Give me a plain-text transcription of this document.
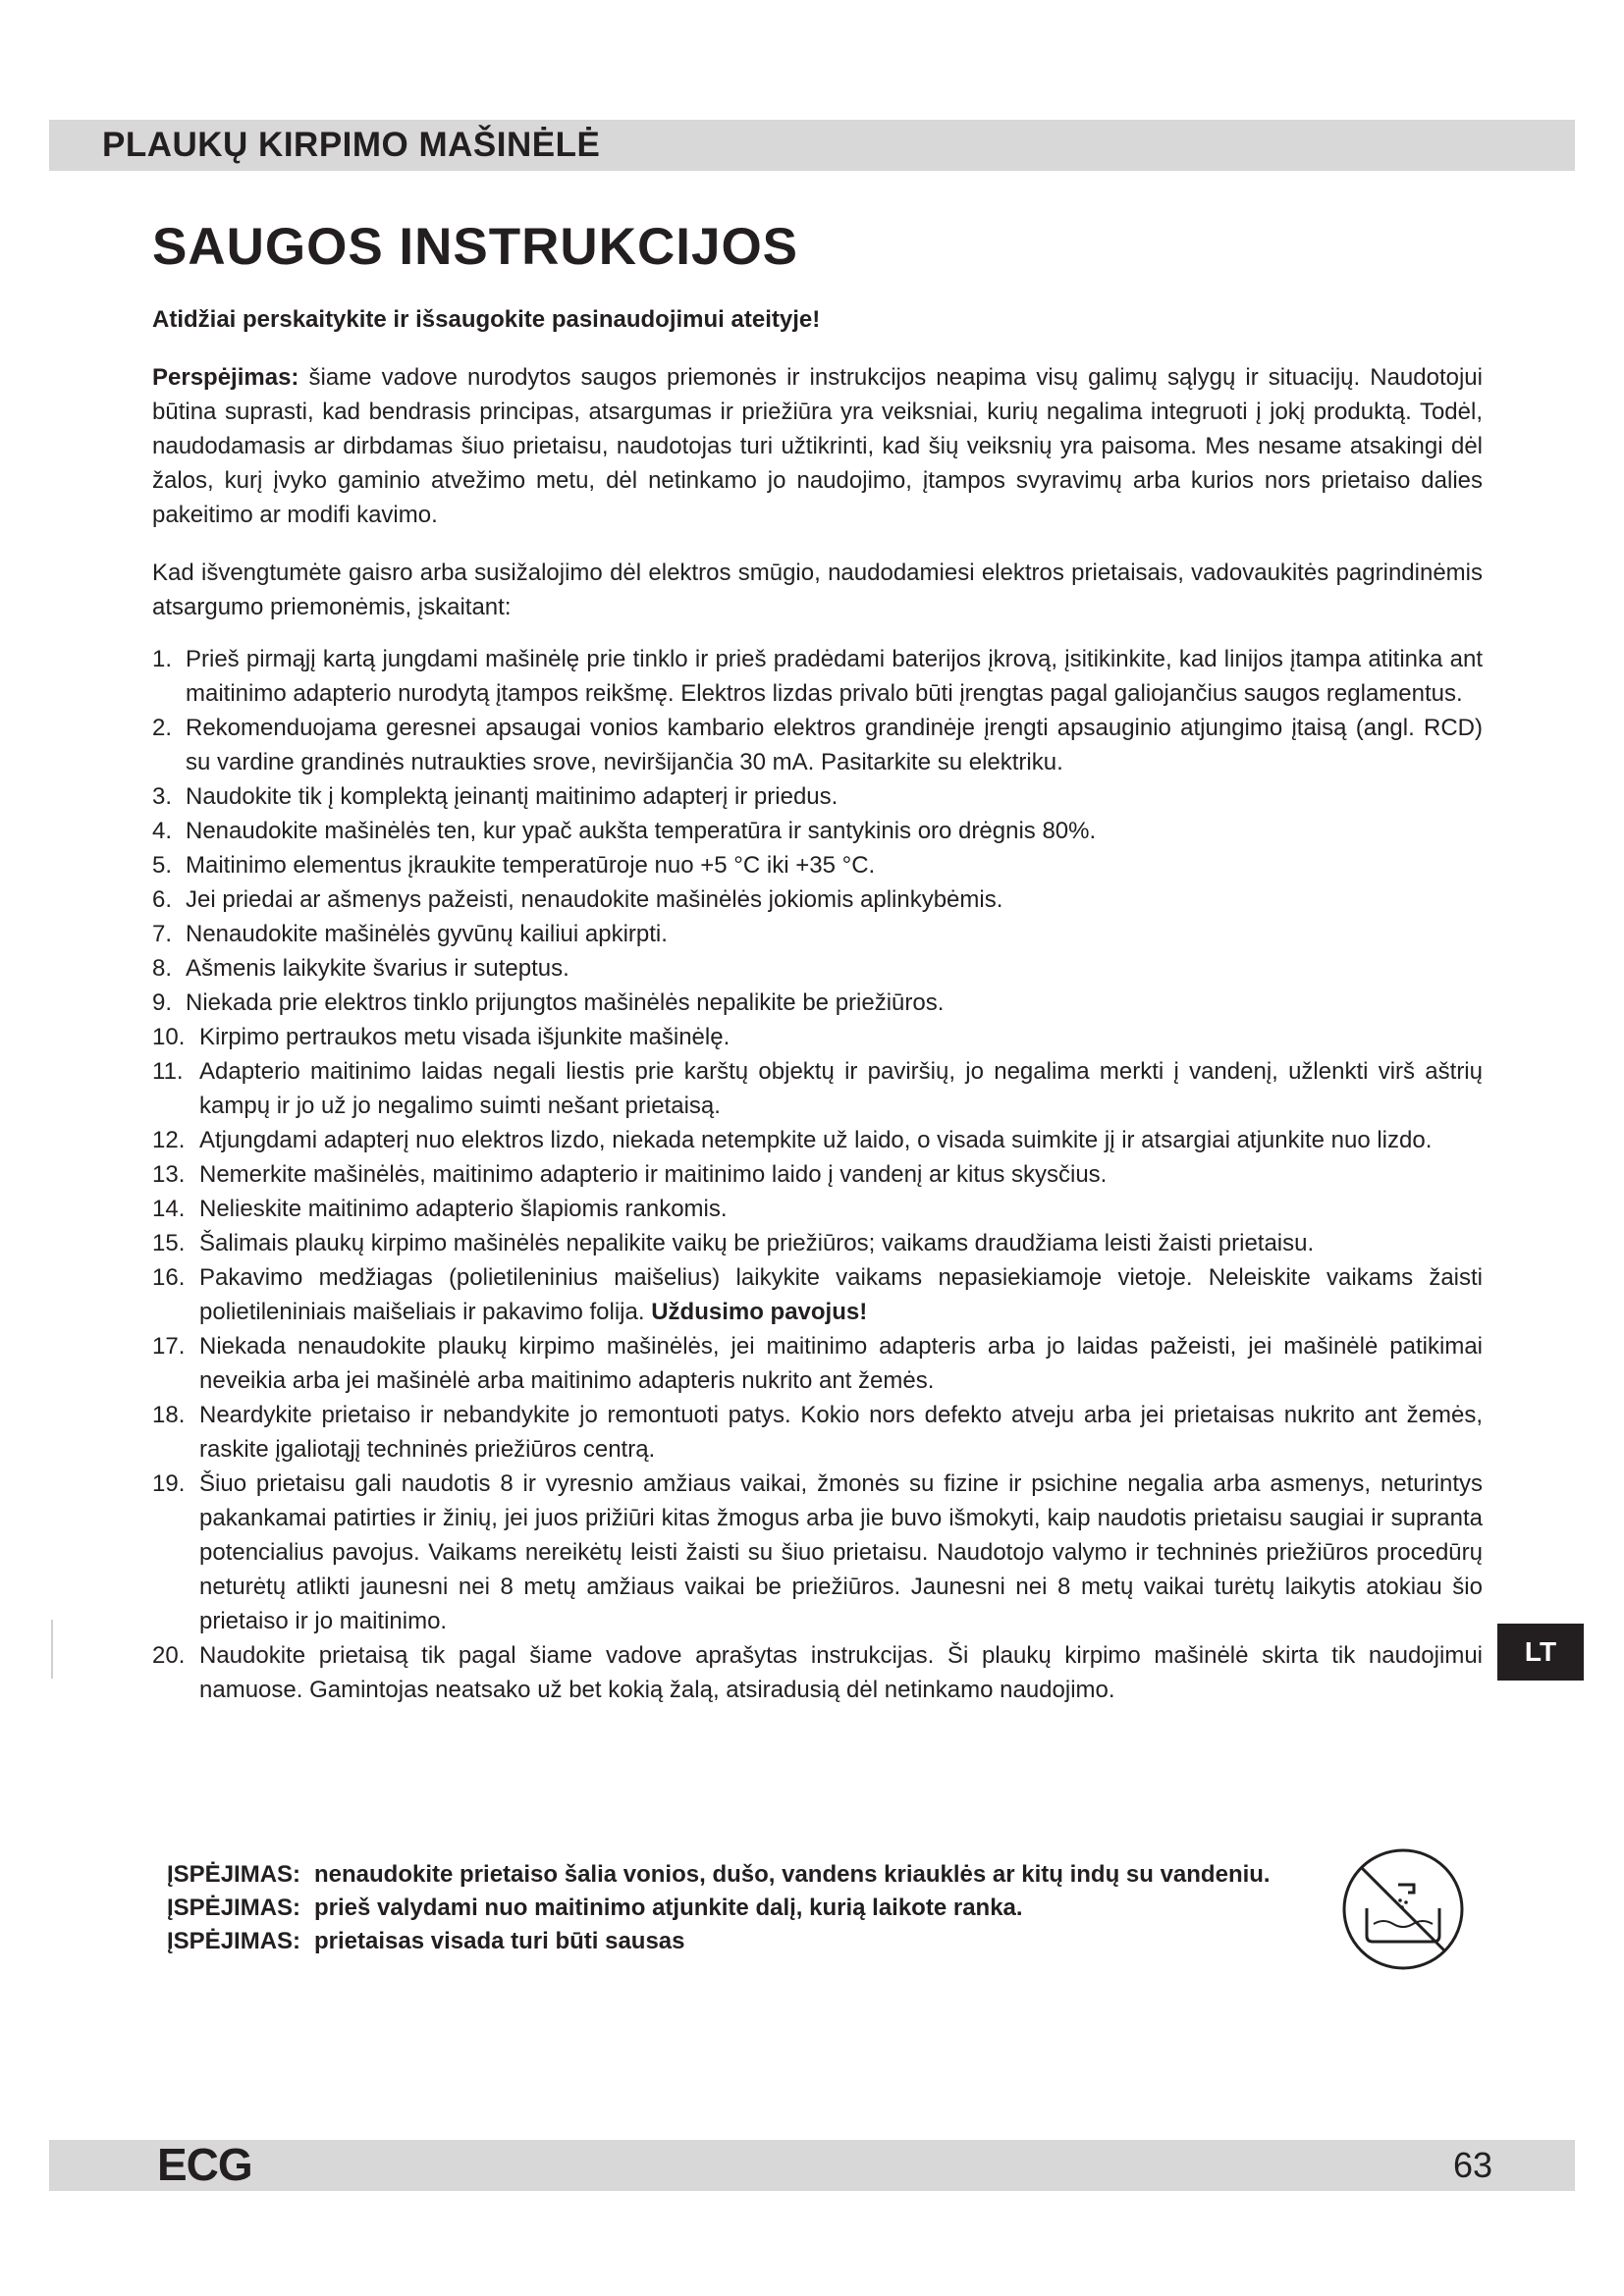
PLAUKŲ KIRPIMO MAŠINĖLĖ
SAUGOS INSTRUKCIJOS

Atidžiai perskaitykite ir išsaugokite pasinaudojimui ateityje!

Perspėjimas: šiame vadove nurodytos saugos priemonės ir instrukcijos neapima visų galimų sąlygų ir situacijų. Naudotojui būtina suprasti, kad bendrasis principas, atsargumas ir priežiūra yra veiksniai, kurių negalima integruoti į jokį produktą. Todėl, naudodamasis ar dirbdamas šiuo prietaisu, naudotojas turi užtikrinti, kad šių veiksnių yra paisoma. Mes nesame atsakingi dėl žalos, kurį įvyko gaminio atvežimo metu, dėl netinkamo jo naudojimo, įtampos svyravimų arba kurios nors prietaiso dalies pakeitimo ar modifi kavimo.

Kad išvengtumėte gaisro arba susižalojimo dėl elektros smūgio, naudodamiesi elektros prietaisais, vadovaukitės pagrindinėmis atsargumo priemonėmis, įskaitant:

1. Prieš pirmąjį kartą jungdami mašinėlę prie tinklo ir prieš pradėdami baterijos įkrovą, įsitikinkite, kad linijos įtampa atitinka ant maitinimo adapterio nurodytą įtampos reikšmę. Elektros lizdas privalo būti įrengtas pagal galiojančius saugos reglamentus.
2. Rekomenduojama geresnei apsaugai vonios kambario elektros grandinėje įrengti apsauginio atjungimo įtaisą (angl. RCD) su vardine grandinės nutraukties srove, neviršijančia 30 mA. Pasitarkite su elektriku.
3. Naudokite tik į komplektą įeinantį maitinimo adapterį ir priedus.
4. Nenaudokite mašinėlės ten, kur ypač aukšta temperatūra ir santykinis oro drėgnis 80%.
5. Maitinimo elementus įkraukite temperatūroje nuo +5 °C iki +35 °C.
6. Jei priedai ar ašmenys pažeisti, nenaudokite mašinėlės jokiomis aplinkybėmis.
7. Nenaudokite mašinėlės gyvūnų kailiui apkirpti.
8. Ašmenis laikykite švarius ir suteptus.
9. Niekada prie elektros tinklo prijungtos mašinėlės nepalikite be priežiūros.
10. Kirpimo pertraukos metu visada išjunkite mašinėlę.
11. Adapterio maitinimo laidas negali liestis prie karštų objektų ir paviršių, jo negalima merkti į vandenį, užlenkti virš aštrių kampų ir jo už jo negalimo suimti nešant prietaisą.
12. Atjungdami adapterį nuo elektros lizdo, niekada netempkite už laido, o visada suimkite jį ir atsargiai atjunkite nuo lizdo.
13. Nemerkite mašinėlės, maitinimo adapterio ir maitinimo laido į vandenį ar kitus skysčius.
14. Nelieskite maitinimo adapterio šlapiomis rankomis.
15. Šalimais plaukų kirpimo mašinėlės nepalikite vaikų be priežiūros; vaikams draudžiama leisti žaisti prietaisu.
16. Pakavimo medžiagas (polietileninius maišelius) laikykite vaikams nepasiekiamoje vietoje. Neleiskite vaikams žaisti polietileniniais maišeliais ir pakavimo folija. Uždusimo pavojus!
17. Niekada nenaudokite plaukų kirpimo mašinėlės, jei maitinimo adapteris arba jo laidas pažeisti, jei mašinėlė patikimai neveikia arba jei mašinėlė arba maitinimo adapteris nukrito ant žemės.
18. Neardykite prietaiso ir nebandykite jo remontuoti patys. Kokio nors defekto atveju arba jei prietaisas nukrito ant žemės, raskite įgaliotąjį techninės priežiūros centrą.
19. Šiuo prietaisu gali naudotis 8 ir vyresnio amžiaus vaikai, žmonės su fizine ir psichine negalia arba asmenys, neturintys pakankamai patirties ir žinių, jei juos prižiūri kitas žmogus arba jie buvo išmokyti, kaip naudotis prietaisu saugiai ir supranta potencialius pavojus. Vaikams nereikėtų leisti žaisti su šiuo prietaisu. Naudotojo valymo ir techninės priežiūros procedūrų neturėtų atlikti jaunesni nei 8 metų amžiaus vaikai be priežiūros. Jaunesni nei 8 metų vaikai turėtų laikytis atokiau šio prietaiso ir jo maitinimo.
20. Naudokite prietaisą tik pagal šiame vadove aprašytas instrukcijas. Ši plaukų kirpimo mašinėlė skirta tik naudojimui namuose. Gamintojas neatsako už bet kokią žalą, atsiradusią dėl netinkamo naudojimo.
ĮSPĖJIMAS: nenaudokite prietaiso šalia vonios, dušo, vandens kriauklės ar kitų indų su vandeniu.
ĮSPĖJIMAS: prieš valydami nuo maitinimo atjunkite dalį, kurią laikote ranka.
ĮSPĖJIMAS: prietaisas visada turi būti sausas
LT
ECG	63
